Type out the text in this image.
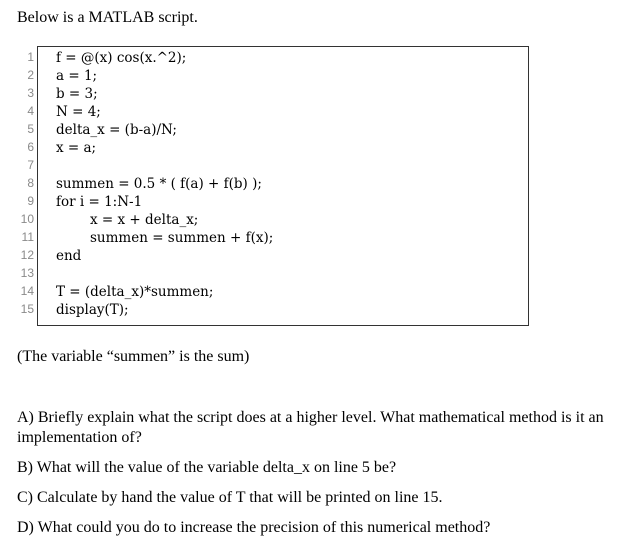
Below is a MATLAB script.
1
2
3
4
5
6
7
8
9
10
11
12
13
14
15
f = @(x) cos(x.^2);
a = 1;
b = 3;
N = 4;
delta_x = (b-a)/N;
x = a;
summen = 0.5 * ( f(a) + f(b) );
for i = 1:N-1
x = x + delta_x;
summen = summen + f(x);
end
T = (delta_x)*summen;
display(T);
(The variable “summen” is the sum)
A) Briefly explain what the script does at a higher level. What mathematical method is it an implementation of?
B) What will the value of the variable delta_x on line 5 be?
C) Calculate by hand the value of T that will be printed on line 15.
D) What could you do to increase the precision of this numerical method?
